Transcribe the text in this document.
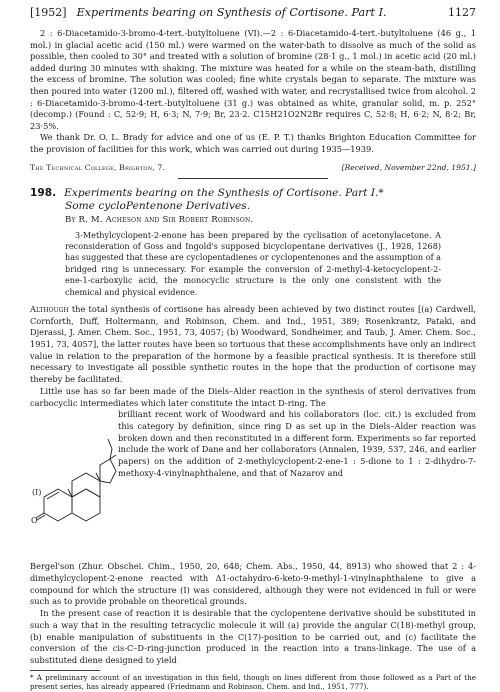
[1952] Experiments bearing on Synthesis of Cortisone. Part I.	1127

2 : 6-Diacetamido-3-bromo-4-tert.-butyltoluene (VI).—2 : 6-Diacetamido-4-tert.-butyltoluene (46 g., 1 mol.) in glacial acetic acid (150 ml.) were warmed on the water-bath to dissolve as much of the solid as possible, then cooled to 30° and treated with a solution of bromine (28·1 g., 1 mol.) in acetic acid (20 ml.) added during 30 minutes with shaking. The mixture was heated for a while on the steam-bath, distilling the excess of bromine. The solution was cooled; fine white crystals began to separate. The mixture was then poured into water (1200 ml.), filtered off, washed with water, and recrystallised twice from alcohol. 2 : 6-Diacetamido-3-bromo-4-tert.-butyltoluene (31 g.) was obtained as white, granular solid, m. p. 252° (decomp.) (Found : C, 52·9; H, 6·3; N, 7·9; Br, 23·2. C15H21O2N2Br requires C, 52·8; H, 6·2; N, 8·2; Br, 23·5%.

We thank Dr. O. L. Brady for advice and one of us (E. P. T.) thanks Brighton Education Committee for the provision of facilities for this work, which was carried out during 1935—1939.

The Technical College, Brighton, 7.	[Received, November 22nd, 1951.]
198. Experiments bearing on the Synthesis of Cortisone. Part I.*
Some cycloPentenone Derivatives.
By R. M. Acheson and Sir Robert Robinson.

3-Methylcyclopent-2-enone has been prepared by the cyclisation of acetonylacetone. A reconsideration of Goss and Ingold's supposed bicyclopentane derivatives (J., 1928, 1268) has suggested that these are cyclopentadienes or cyclopentenones and the assumption of a bridged ring is unnecessary. For example the conversion of 2-methyl-4-ketocyclopent-2-ene-1-carboxylic acid, the monocyclic structure is the only one consistent with the chemical and physical evidence.

Although the total synthesis of cortisone has already been achieved by two distinct routes [(a) Cardwell, Cornforth, Duff, Holtermann, and Robinson, Chem. and Ind., 1951, 389; Rosenkrantz, Pataki, and Djerassi, J. Amer. Chem. Soc., 1951, 73, 4057; (b) Woodward, Sondheimer, and Taub, J. Amer. Chem. Soc., 1951, 73, 4057], the latter routes have been so tortuous that these accomplishments have only an indirect value in relation to the preparation of the hormone by a feasible practical synthesis. It is therefore still necessary to investigate all possible synthetic routes in the hope that the production of cortisone may thereby be facilitated.

Little use has so far been made of the Diels–Alder reaction in the synthesis of sterol derivatives from carbocyclic intermediates which later constitute the intact D-ring. The

O
(I)

brilliant recent work of Woodward and his collaborators (loc. cit.) is excluded from this category by definition, since ring D as set up in the Diels–Alder reaction was broken down and then reconstituted in a different form. Experiments so far reported include the work of Dane and her collaborators (Annalen, 1939, 537, 246, and earlier papers) on the addition of 2-methylcyclopent-2-ene-1 : 5-dione to 1 : 2-dihydro-7-methoxy-4-vinylnaphthalene, and that of Nazarov and

Bergel'son (Zhur. Obschei. Chim., 1950, 20, 648; Chem. Abs., 1950, 44, 8913) who showed that 2 : 4-dimethylcyclopent-2-enone reacted with Δ1-octahydro-6-keto-9-methyl-1-vinylnaphthalene to give a compound for which the structure (I) was considered, although they were not evidenced in full or were such as to provide probable on theoretical grounds.

In the present case of reaction it is desirable that the cyclopentene derivative should be substituted in such a way that in the resulting tetracyclic molecule it will (a) provide the angular C(18)-methyl group, (b) enable manipulation of substituents in the C(17)-position to be carried out, and (c) facilitate the conversion of the cis-C–D-ring-junction produced in the reaction into a trans-linkage. The use of a substituted diene designed to yield

* A preliminary account of an investigation in this field, though on lines different from those followed as a Part of the present series, has already appeared (Friedmann and Robinson, Chem. and Ind., 1951, 777).
